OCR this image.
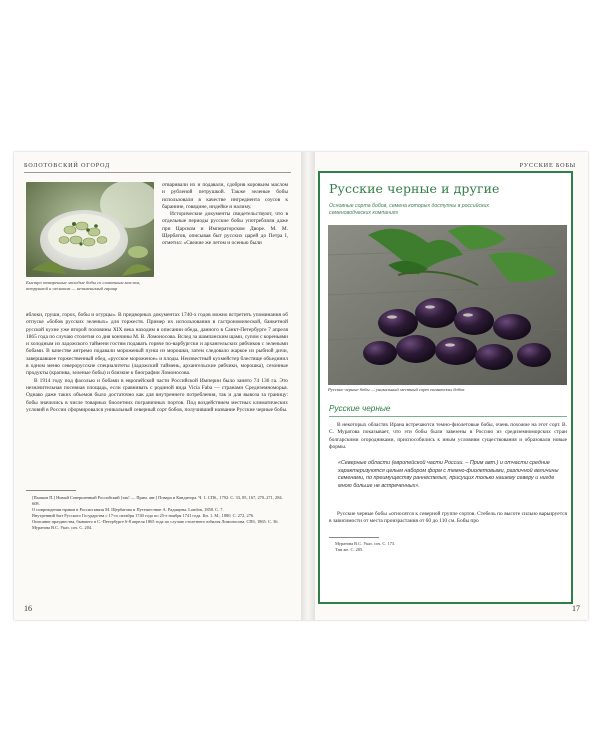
БОЛОТОВСКИЙ ОГОРОД
Быстро отваренные молодые бобы со сливочным маслом, петрушкой и чесноком — незаменимый гарнир

отваривали их и подавали, сдобрив коровьим маслом и рубленой петрушкой. Также зеленые бобы использовали в качестве ингредиента соусов к баранине, говядине, индейке и налиму.

Исторические документы свидетельствуют, что в отдельные периоды русские бобы употребляли даже при Царском и Императорском Дворе. М. М. Щербатов, описывая быт русских царей до Петра I, отметил: «Свежие же летом и осенью были

яблоки, груши, горох, бобы и огурцы». В придворных документах 1740-х годов можно встретить упоминания об отпуске «бобов русских зеленых» для торжеств. Пример их использования в гастрономической, банкетной русской кухне уже второй половины XIX века находим в описании обеда, данного в Санкт-Петербурге 7 апреля 1865 года по случаю столетия со дня кончины М. В. Ломоносова. Вслед за шампанским щами, супом с кореньями и холодным из ладожского таймени гостям подавать горяче по-варбургски и архангельских рябчиков с зелеными бобами. В качестве антремо подавали мороженый пунш из морошки, затем следовало жаркое из рыбной дичи, завершавшее торжественный обед, «русское мороженое» и плоды. Неизвестный кухмейстер блестяще объединил в одном меню североруcские специалитеты (ладожский таймень, архангельские рябчики, морошка), сезонные продукты (крапива, зеленые бобы) и близкие к биографии Ломоносова.

В 1914 году под фасолью и бобами в европейской части Российской Империи было занято 74 136 га. Это незначительная посевная площадь, если сравнивать с родиной вида Vicia Faba — странами Средиземноморья. Однако даже таких объемов было достаточно как для внутреннего потребления, так и для вывоза за границу: бобы значились в числе товарных биолетних пограничных портов. Под воздействием местных климатических условий в России сформировался уникальный северный сорт бобов, получивший название Русские черные бобы.

[Пашков П.] Новый Совершенный Российский [так! — Прим. авт.] Повара и Кандитора. Ч. 1. СПб., 1792. С. 33, 85, 167, 270–271, 284, 608.
О повреждении нравов в России князя М. Щербатова и Путешествие А. Радищева. London, 1858. С. 7.
Внутренний быт Русского Государства с 17-го октября 1740 года по 25-е ноября 1741 года. Кн. 1. М., 1880. С. 272, 276.
Описание празднества, бывшего в С.-Петербурге 6-8 апреля 1865 года по случаю столетнего юбилея Ломоносова. СПб, 1865. С. 36.
Муратова В.С. Указ. соч. С. 204.
16
РУССКИЕ БОБЫ
Русские черные и другие
Основные сорта бобов, семена которых доступны в российских семеноводческих компаниях
Русские черные бобы — уникальный местный сорт гигантских бобов
Русские черные

В некоторых областях Ирана встречаются темно-фиолетовые бобы, очень похожие на этот сорт. В. С. Муратова показывает, что эти бобы были завезены в Россию из средиземноморских стран болгарскими огородниками, приспособились к иным условиям существования и образовали новые формы.

«Северные области (европейской части России. – Прим авт.) и отчасти средние характеризуются целым набором форм с темно-фиолетовыми, различной величины семенами, по преимуществу раннеспелых, присущих только нашему северу и нигде мною больше не встреченных».

Русские черные бобы «относятся к северной группе сортов. Стебель по высоте сильно варьируется в зависимости от места произрастания от 60 до 110 см. Бобы про

Муратова В.С. Указ. соч. С. 173.
Там же. С. 205.
17
